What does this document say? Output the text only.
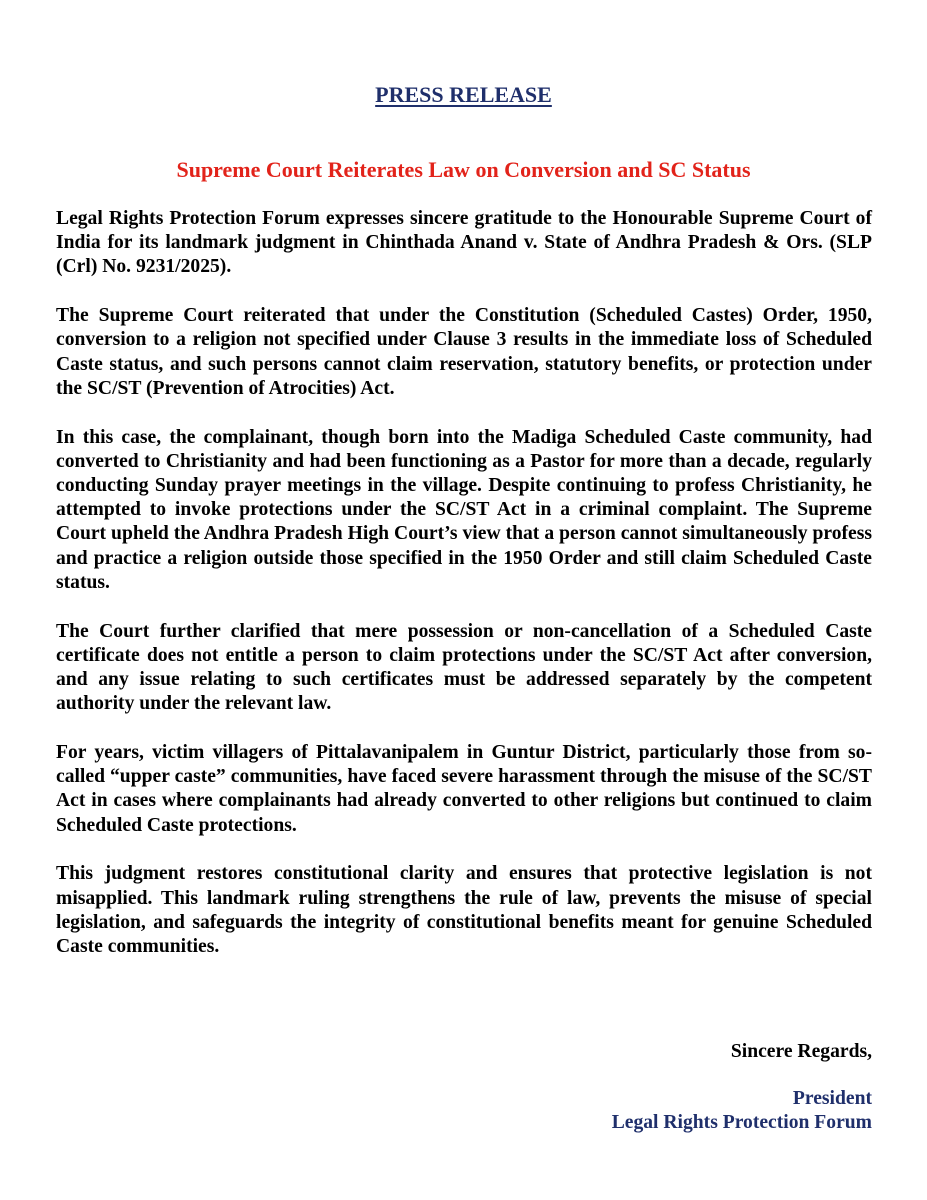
PRESS RELEASE
Supreme Court Reiterates Law on Conversion and SC Status

Legal Rights Protection Forum expresses sincere gratitude to the Honourable Supreme Court of India for its landmark judgment in Chinthada Anand v. State of Andhra Pradesh & Ors. (SLP (Crl) No. 9231/2025).

The Supreme Court reiterated that under the Constitution (Scheduled Castes) Order, 1950, conversion to a religion not specified under Clause 3 results in the immediate loss of Scheduled Caste status, and such persons cannot claim reservation, statutory benefits, or protection under the SC/ST (Prevention of Atrocities) Act.

In this case, the complainant, though born into the Madiga Scheduled Caste community, had converted to Christianity and had been functioning as a Pastor for more than a decade, regularly conducting Sunday prayer meetings in the village. Despite continuing to profess Christianity, he attempted to invoke protections under the SC/ST Act in a criminal complaint. The Supreme Court upheld the Andhra Pradesh High Court’s view that a person cannot simultaneously profess and practice a religion outside those specified in the 1950 Order and still claim Scheduled Caste status.

The Court further clarified that mere possession or non-cancellation of a Scheduled Caste certificate does not entitle a person to claim protections under the SC/ST Act after conversion, and any issue relating to such certificates must be addressed separately by the competent authority under the relevant law.

For years, victim villagers of Pittalavanipalem in Guntur District, particularly those from so-called “upper caste” communities, have faced severe harassment through the misuse of the SC/ST Act in cases where complainants had already converted to other religions but continued to claim Scheduled Caste protections.

This judgment restores constitutional clarity and ensures that protective legislation is not misapplied. This landmark ruling strengthens the rule of law, prevents the misuse of special legislation, and safeguards the integrity of constitutional benefits meant for genuine Scheduled Caste communities.

Sincere Regards,

President

Legal Rights Protection Forum
